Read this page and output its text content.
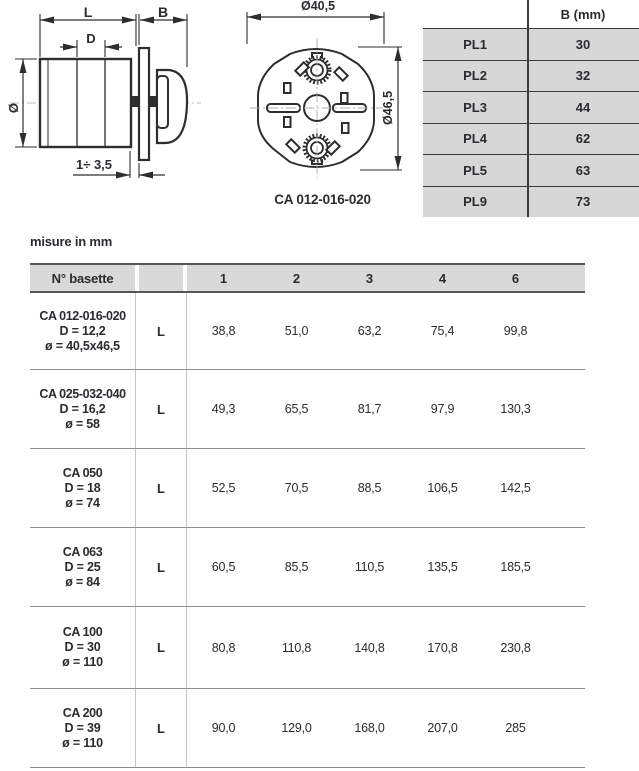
L	B
D
Ø
1÷ 3,5
Ø40,5
Ø46,5
CA 012-016-020
B (mm)
PL1	30
PL2	32
PL3	44
PL4	62
PL5	63
PL9	73
misure in mm
N° basette	1	2	3	4	6
CA 012-016-020
D = 12,2
ø = 40,5x46,5
L	38,8	51,0	63,2	75,4	99,8
CA 025-032-040
D = 16,2
ø = 58
L	49,3	65,5	81,7	97,9	130,3
CA 050
D = 18
ø = 74
L	52,5	70,5	88,5	106,5	142,5
CA 063
D = 25
ø = 84
L	60,5	85,5	110,5	135,5	185,5
CA 100
D = 30
ø = 110
L	80,8	110,8	140,8	170,8	230,8
CA 200
D = 39
ø = 110
L	90,0	129,0	168,0	207,0	285
